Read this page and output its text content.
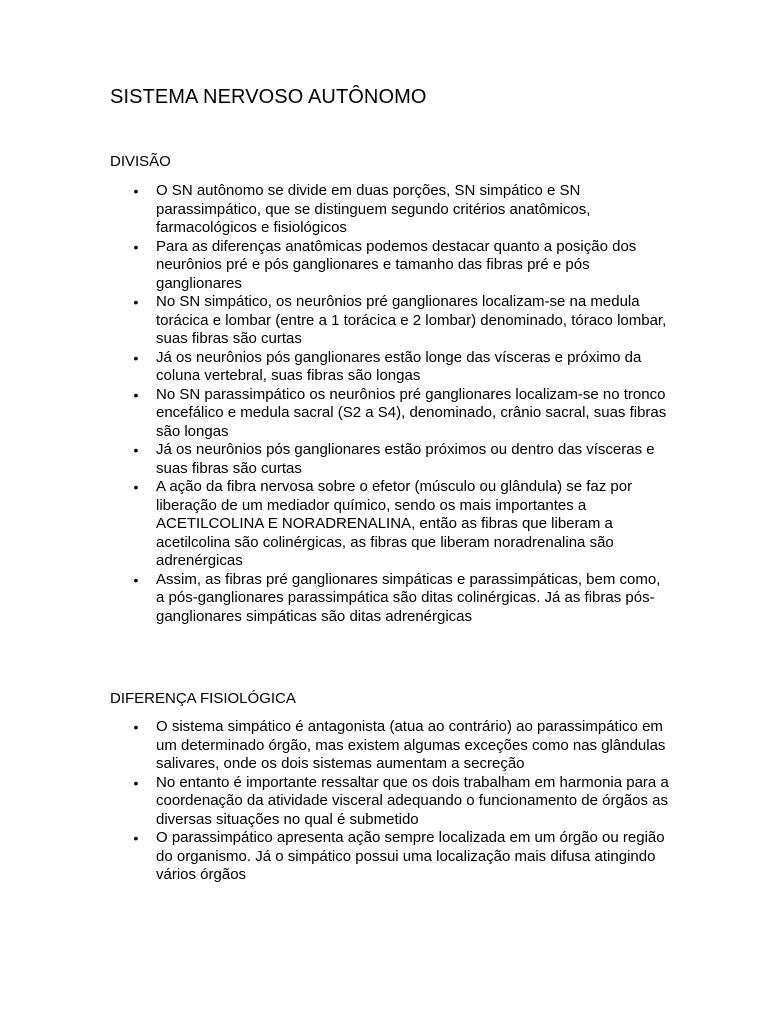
SISTEMA NERVOSO AUTÔNOMO
DIVISÃO
• O SN autônomo se divide em duas porções, SN simpático e SN parassimpático, que se distinguem segundo critérios anatômicos, farmacológicos e fisiológicos
• Para as diferenças anatômicas podemos destacar quanto a posição dos neurônios pré e pós ganglionares e tamanho das fibras pré e pós ganglionares
• No SN simpático, os neurônios pré ganglionares localizam-se na medula torácica e lombar (entre a 1 torácica e 2 lombar) denominado, tóraco lombar, suas fibras são curtas
• Já os neurônios pós ganglionares estão longe das vísceras e próximo da coluna vertebral, suas fibras são longas
• No SN parassimpático os neurônios pré ganglionares localizam-se no tronco encefálico e medula sacral (S2 a S4), denominado, crânio sacral, suas fibras são longas
• Já os neurônios pós ganglionares estão próximos ou dentro das vísceras e suas fibras são curtas
• A ação da fibra nervosa sobre o efetor (músculo ou glândula) se faz por liberação de um mediador químico, sendo os mais importantes a ACETILCOLINA E NORADRENALINA, então as fibras que liberam a acetilcolina são colinérgicas, as fibras que liberam noradrenalina são adrenérgicas
• Assim, as fibras pré ganglionares simpáticas e parassimpáticas, bem como, a pós-ganglionares parassimpática são ditas colinérgicas. Já as fibras pós-ganglionares simpáticas são ditas adrenérgicas
DIFERENÇA FISIOLÓGICA
• O sistema simpático é antagonista (atua ao contrário) ao parassimpático em um determinado órgão, mas existem algumas exceções como nas glândulas salivares, onde os dois sistemas aumentam a secreção
• No entanto é importante ressaltar que os dois trabalham em harmonia para a coordenação da atividade visceral adequando o funcionamento de órgãos as diversas situações no qual é submetido
• O parassimpático apresenta ação sempre localizada em um órgão ou região do organismo. Já o simpático possui uma localização mais difusa atingindo vários órgãos
